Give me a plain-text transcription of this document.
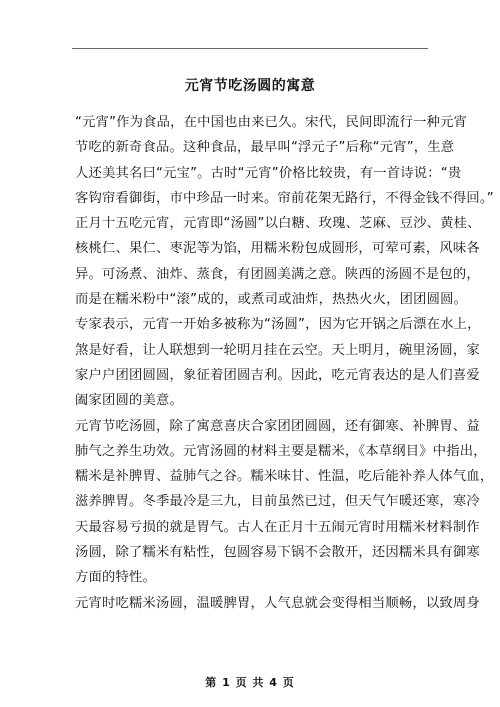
元宵节吃汤圆的寓意
“元宵”作为食品，在中国也由来已久。宋代，民间即流行一种元宵
节吃的新奇食品。这种食品，最早叫“浮元子”后称“元宵”，生意
人还美其名曰“元宝”。古时“元宵”价格比较贵，有一首诗说：“贵
客钩帘看御街，市中珍品一时来。帘前花架无路行，不得金钱不得回。”
正月十五吃元宵，元宵即“汤圆”以白糖、玫瑰、芝麻、豆沙、黄桂、
核桃仁、果仁、枣泥等为馅，用糯米粉包成圆形，可荤可素，风味各
异。可汤煮、油炸、蒸食，有团圆美满之意。陕西的汤圆不是包的，
而是在糯米粉中“滚”成的，或煮司或油炸，热热火火，团团圆圆。
专家表示，元宵一开始多被称为“汤圆”，因为它开锅之后漂在水上，
煞是好看，让人联想到一轮明月挂在云空。天上明月，碗里汤圆，家
家户户团团圆圆，象征着团圆吉利。因此，吃元宵表达的是人们喜爱
阖家团圆的美意。
元宵节吃汤圆，除了寓意喜庆合家团团圆圆，还有御寒、补脾胃、益
肺气之养生功效。元宵汤圆的材料主要是糯米，《本草纲目》中指出，
糯米是补脾胃、益肺气之谷。糯米味甘、性温，吃后能补养人体气血，
滋养脾胃。冬季最冷是三九，目前虽然已过，但天气乍暖还寒，寒冷
天最容易亏损的就是胃气。古人在正月十五闹元宵时用糯米材料制作
汤圆，除了糯米有粘性，包圆容易下锅不会散开，还因糯米具有御寒
方面的特性。
元宵时吃糯米汤圆，温暖脾胃，人气息就会变得相当顺畅，以致周身
第 1 页 共 4 页
